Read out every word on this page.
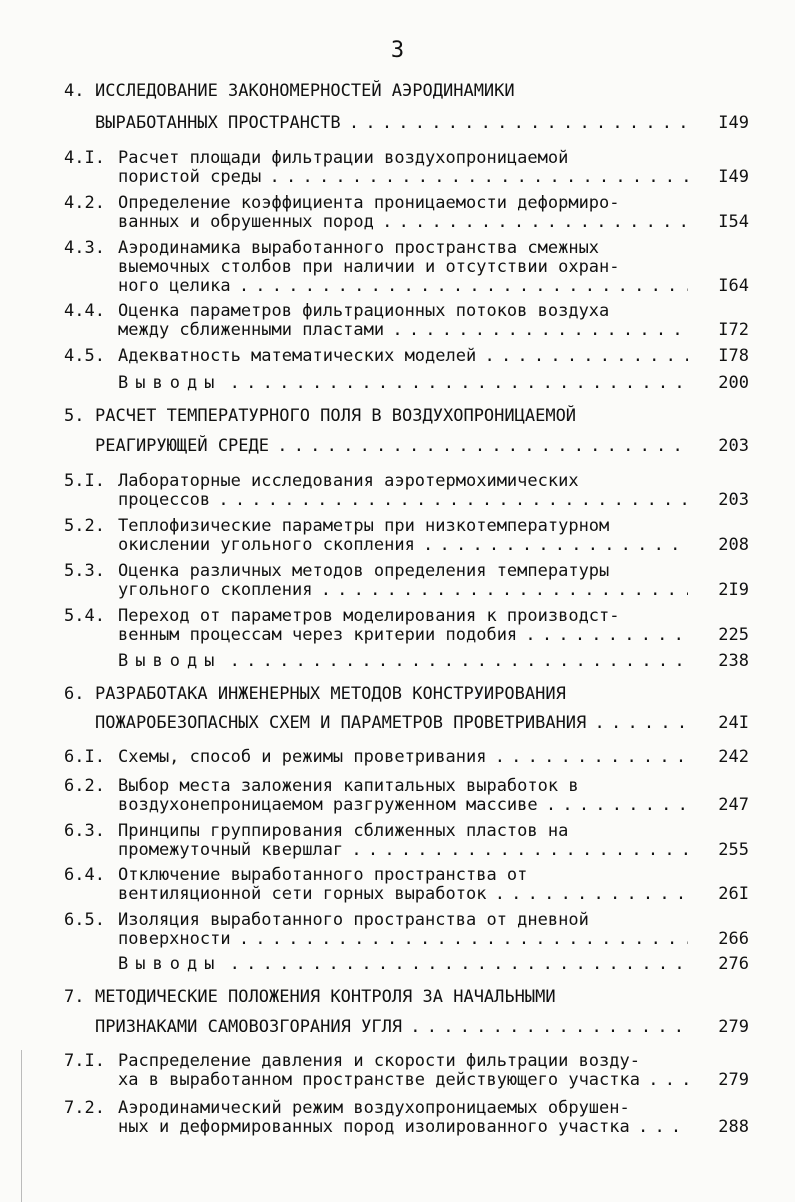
3
4. ИССЛЕДОВАНИЕ ЗАКОНОМЕРНОСТЕЙ АЭРОДИНАМИКИ
ВЫРАБОТАННЫХ ПРОСТРАНСТВ . . .	I49
4.I. Расчет площади фильтрации воздухопроницаемой
пористой среды . . .	I49
4.2. Определение коэффициента проницаемости деформиро-
ванных и обрушенных пород . . .	I54
4.3. Аэродинамика выработанного пространства смежных
выемочных столбов при наличии и отсутствии охран-
ного целика . . .	I64
4.4. Оценка параметров фильтрационных потоков воздуха
между сближенными пластами . . .	I72
4.5. Адекватность математических моделей . . .	I78
Выводы . . .	200
5. РАСЧЕТ ТЕМПЕРАТУРНОГО ПОЛЯ В ВОЗДУХОПРОНИЦАЕМОЙ
РЕАГИРУЮЩЕЙ СРЕДЕ . . .	203
5.I. Лабораторные исследования аэротермохимических
процессов . . .	203
5.2. Теплофизические параметры при низкотемпературном
окислении угольного скопления . . .	208
5.3. Оценка различных методов определения температуры
угольного скопления . . .	2I9
5.4. Переход от параметров моделирования к производст-
венным процессам через критерии подобия . . .	225
Выводы . . .	238
6. РАЗРАБОТАКА ИНЖЕНЕРНЫХ МЕТОДОВ КОНСТРУИРОВАНИЯ
ПОЖАРОБЕЗОПАСНЫХ СХЕМ И ПАРАМЕТРОВ ПРОВЕТРИВАНИЯ . . .	24I
6.I. Схемы, способ и режимы проветривания . . .	242
6.2. Выбор места заложения капитальных выработок в
воздухонепроницаемом разгруженном массиве . . .	247
6.3. Принципы группирования сближенных пластов на
промежуточный квершлаг . . .	255
6.4. Отключение выработанного пространства от
вентиляционной сети горных выработок . . .	26I
6.5. Изоляция выработанного пространства от дневной
поверхности . . .	266
Выводы . . .	276
7. МЕТОДИЧЕСКИЕ ПОЛОЖЕНИЯ КОНТРОЛЯ ЗА НАЧАЛЬНЫМИ
ПРИЗНАКАМИ САМОВОЗГОРАНИЯ УГЛЯ . . .	279
7.I. Распределение давления и скорости фильтрации возду-
ха в выработанном пространстве действующего участка . . .	279
7.2. Аэродинамический режим воздухопроницаемых обрушен-
ных и деформированных пород изолированного участка . . .	288
